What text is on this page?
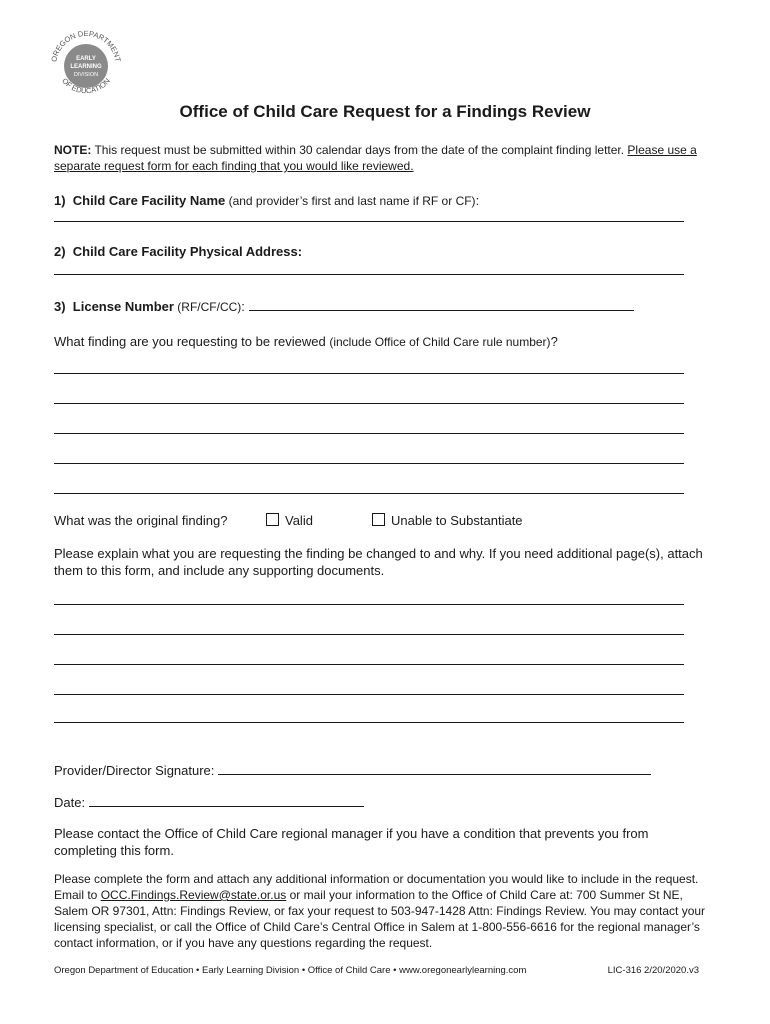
OREGON DEPARTMENT
OF EDUCATION
EARLY
LEARNING
DIVISION
Office of Child Care Request for a Findings Review
NOTE: This request must be submitted within 30 calendar days from the date of the complaint finding letter. Please use a separate request form for each finding that you would like reviewed.
1) Child Care Facility Name (and provider’s first and last name if RF or CF):
2) Child Care Facility Physical Address:
3) License Number (RF/CF/CC):
What finding are you requesting to be reviewed (include Office of Child Care rule number)?
What was the original finding?	Valid	Unable to Substantiate
Please explain what you are requesting the finding be changed to and why. If you need additional page(s), attach them to this form, and include any supporting documents.
Provider/Director Signature:
Date:
Please contact the Office of Child Care regional manager if you have a condition that prevents you from completing this form.
Please complete the form and attach any additional information or documentation you would like to include in the request. Email to OCC.Findings.Review@state.or.us or mail your information to the Office of Child Care at: 700 Summer St NE, Salem OR 97301, Attn: Findings Review, or fax your request to 503-947-1428 Attn: Findings Review. You may contact your licensing specialist, or call the Office of Child Care’s Central Office in Salem at 1-800-556-6616 for the regional manager’s contact information, or if you have any questions regarding the request.
Oregon Department of Education • Early Learning Division • Office of Child Care • www.oregonearlylearning.com	LIC-316 2/20/2020.v3
